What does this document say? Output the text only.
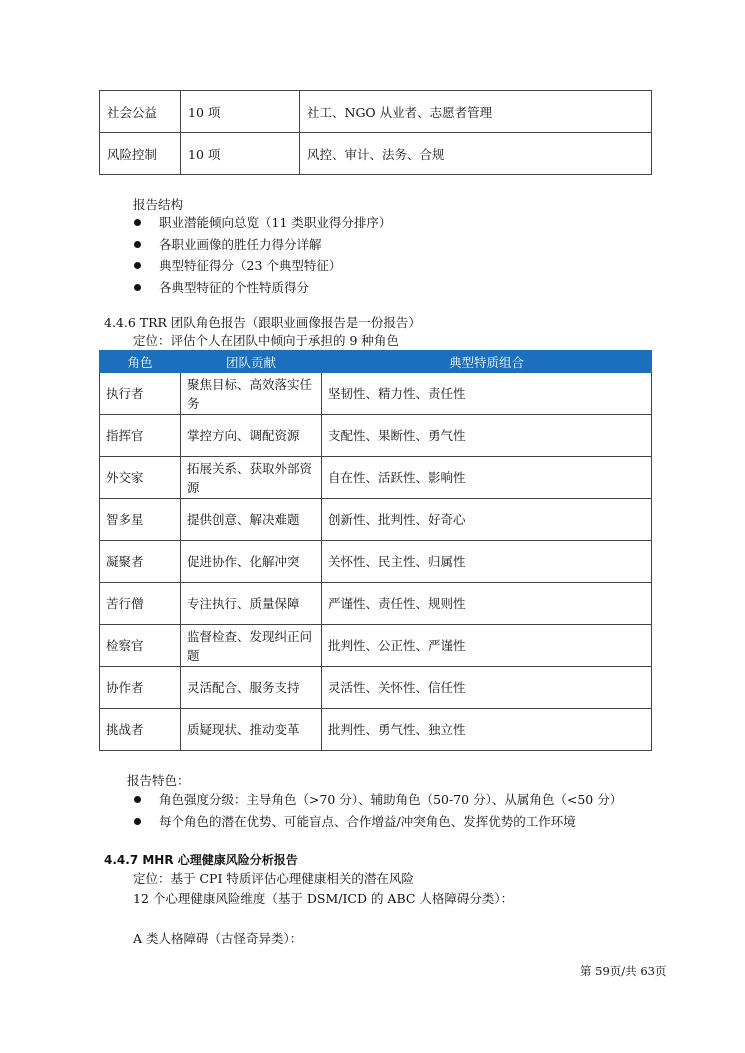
社会公益	10 项	社工、NGO 从业者、志愿者管理
风险控制	10 项	风控、审计、法务、合规
报告结构
职业潜能倾向总览（11 类职业得分排序）
各职业画像的胜任力得分详解
典型特征得分（23 个典型特征）
各典型特征的个性特质得分
4.4.6 TRR 团队角色报告（跟职业画像报告是一份报告）
定位：评估个人在团队中倾向于承担的 9 种角色
角色	团队贡献	典型特质组合
执行者	聚焦目标、高效落实任务	坚韧性、精力性、责任性
指挥官	掌控方向、调配资源	支配性、果断性、勇气性
外交家	拓展关系、获取外部资源	自在性、活跃性、影响性
智多星	提供创意、解决难题	创新性、批判性、好奇心
凝聚者	促进协作、化解冲突	关怀性、民主性、归属性
苦行僧	专注执行、质量保障	严谨性、责任性、规则性
检察官	监督检查、发现纠正问题	批判性、公正性、严谨性
协作者	灵活配合、服务支持	灵活性、关怀性、信任性
挑战者	质疑现状、推动变革	批判性、勇气性、独立性
报告特色：
角色强度分级：主导角色（>70 分）、辅助角色（50-70 分）、从属角色（<50 分）
每个角色的潜在优势、可能盲点、合作增益/冲突角色、发挥优势的工作环境
4.4.7 MHR 心理健康风险分析报告
定位：基于 CPI 特质评估心理健康相关的潜在风险
12 个心理健康风险维度（基于 DSM/ICD 的 ABC 人格障碍分类）：
A 类人格障碍（古怪奇异类）：
第 59页/共 63页
